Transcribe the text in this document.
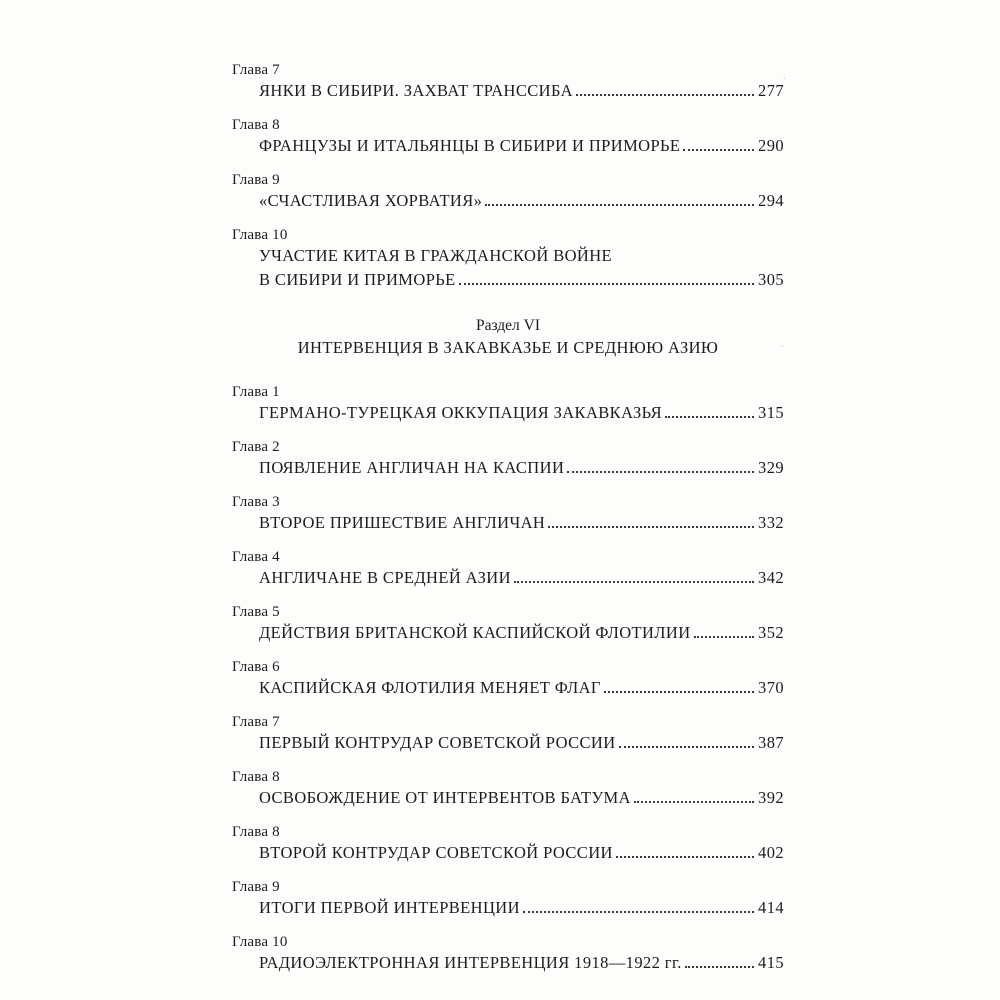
·
·
Глава 7
ЯНКИ В СИБИРИ. ЗАХВАТ ТРАНССИБА	277
Глава 8
ФРАНЦУЗЫ И ИТАЛЬЯНЦЫ В СИБИРИ И ПРИМОРЬЕ	290
Глава 9
«СЧАСТЛИВАЯ ХОРВАТИЯ»	294
Глава 10
УЧАСТИЕ КИТАЯ В ГРАЖДАНСКОЙ ВОЙНЕ
В СИБИРИ И ПРИМОРЬЕ	305
Раздел VI
ИНТЕРВЕНЦИЯ В ЗАКАВКАЗЬЕ И СРЕДНЮЮ АЗИЮ
Глава 1
ГЕРМАНО-ТУРЕЦКАЯ ОККУПАЦИЯ ЗАКАВКАЗЬЯ	315
Глава 2
ПОЯВЛЕНИЕ АНГЛИЧАН НА КАСПИИ	329
Глава 3
ВТОРОЕ ПРИШЕСТВИЕ АНГЛИЧАН	332
Глава 4
АНГЛИЧАНЕ В СРЕДНЕЙ АЗИИ	342
Глава 5
ДЕЙСТВИЯ БРИТАНСКОЙ КАСПИЙСКОЙ ФЛОТИЛИИ	352
Глава 6
КАСПИЙСКАЯ ФЛОТИЛИЯ МЕНЯЕТ ФЛАГ	370
Глава 7
ПЕРВЫЙ КОНТРУДАР СОВЕТСКОЙ РОССИИ	387
Глава 8
ОСВОБОЖДЕНИЕ ОТ ИНТЕРВЕНТОВ БАТУМА	392
Глава 8
ВТОРОЙ КОНТРУДАР СОВЕТСКОЙ РОССИИ	402
Глава 9
ИТОГИ ПЕРВОЙ ИНТЕРВЕНЦИИ	414
Глава 10
РАДИОЭЛЕКТРОННАЯ ИНТЕРВЕНЦИЯ 1918—1922 гг.	415
